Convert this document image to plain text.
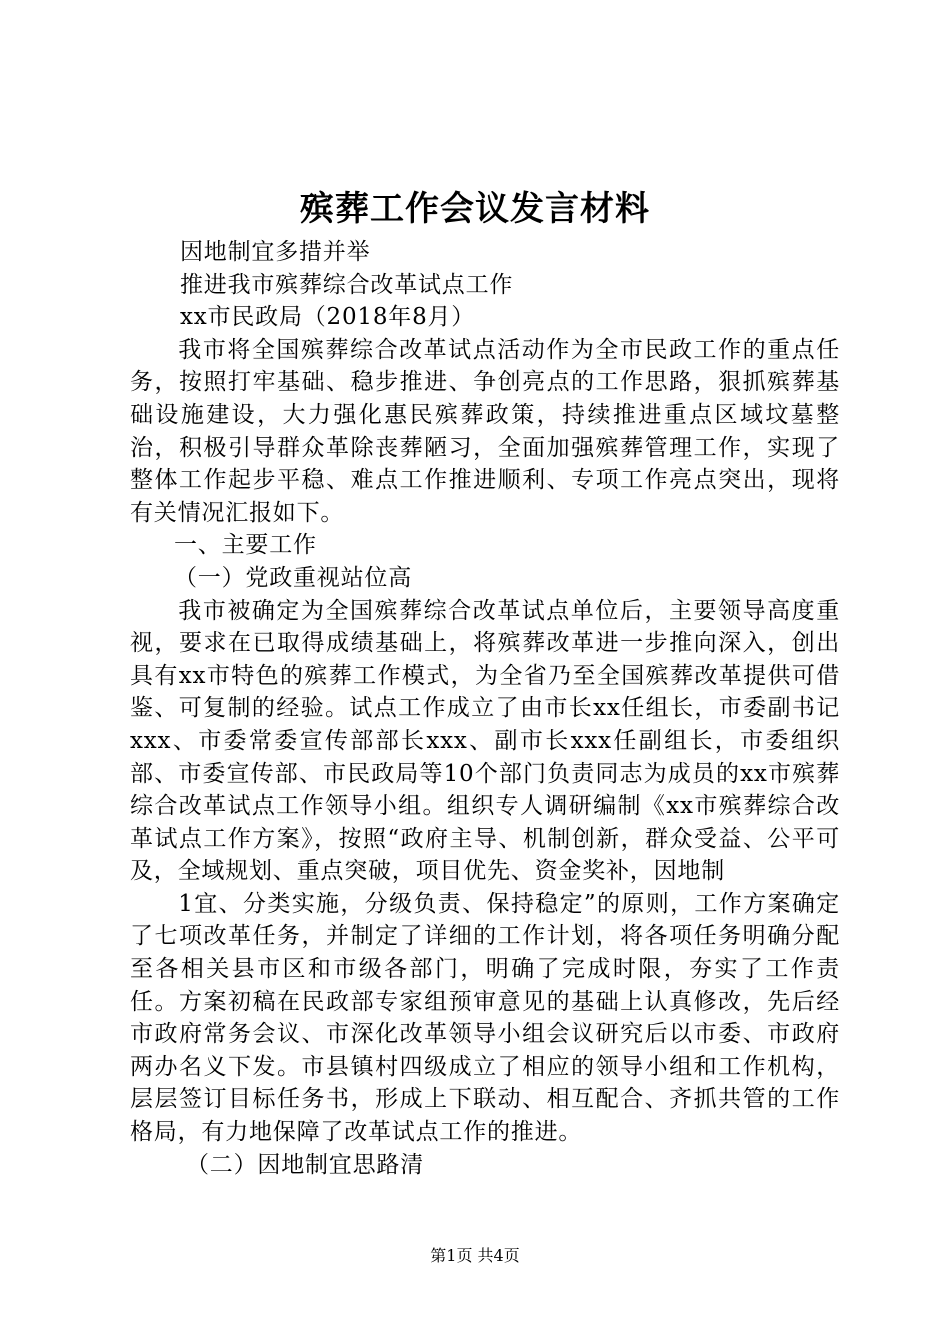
殡葬工作会议发言材料

因地制宜多措并举

推进我市殡葬综合改革试点工作

xx市民政局（2018年8月）

我市将全国殡葬综合改革试点活动作为全市民政工作的重点任务，按照打牢基础、稳步推进、争创亮点的工作思路，狠抓殡葬基础设施建设，大力强化惠民殡葬政策，持续推进重点区域坟墓整治，积极引导群众革除丧葬陋习，全面加强殡葬管理工作，实现了整体工作起步平稳、难点工作推进顺利、专项工作亮点突出，现将有关情况汇报如下。

一、主要工作

（一）党政重视站位高

我市被确定为全国殡葬综合改革试点单位后，主要领导高度重视，要求在已取得成绩基础上，将殡葬改革进一步推向深入，创出具有xx市特色的殡葬工作模式，为全省乃至全国殡葬改革提供可借鉴、可复制的经验。试点工作成立了由市长xx任组长，市委副书记xxx、市委常委宣传部部长xxx、副市长xxx任副组长，市委组织部、市委宣传部、市民政局等10个部门负责同志为成员的xx市殡葬综合改革试点工作领导小组。组织专人调研编制《xx市殡葬综合改革试点工作方案》，按照“政府主导、机制创新，群众受益、公平可及，全域规划、重点突破，项目优先、资金奖补，因地制

1宜、分类实施，分级负责、保持稳定”的原则，工作方案确定了七项改革任务，并制定了详细的工作计划，将各项任务明确分配至各相关县市区和市级各部门，明确了完成时限，夯实了工作责任。方案初稿在民政部专家组预审意见的基础上认真修改，先后经市政府常务会议、市深化改革领导小组会议研究后以市委、市政府两办名义下发。市县镇村四级成立了相应的领导小组和工作机构，层层签订目标任务书，形成上下联动、相互配合、齐抓共管的工作格局，有力地保障了改革试点工作的推进。

（二）因地制宜思路清

第1页 共4页
